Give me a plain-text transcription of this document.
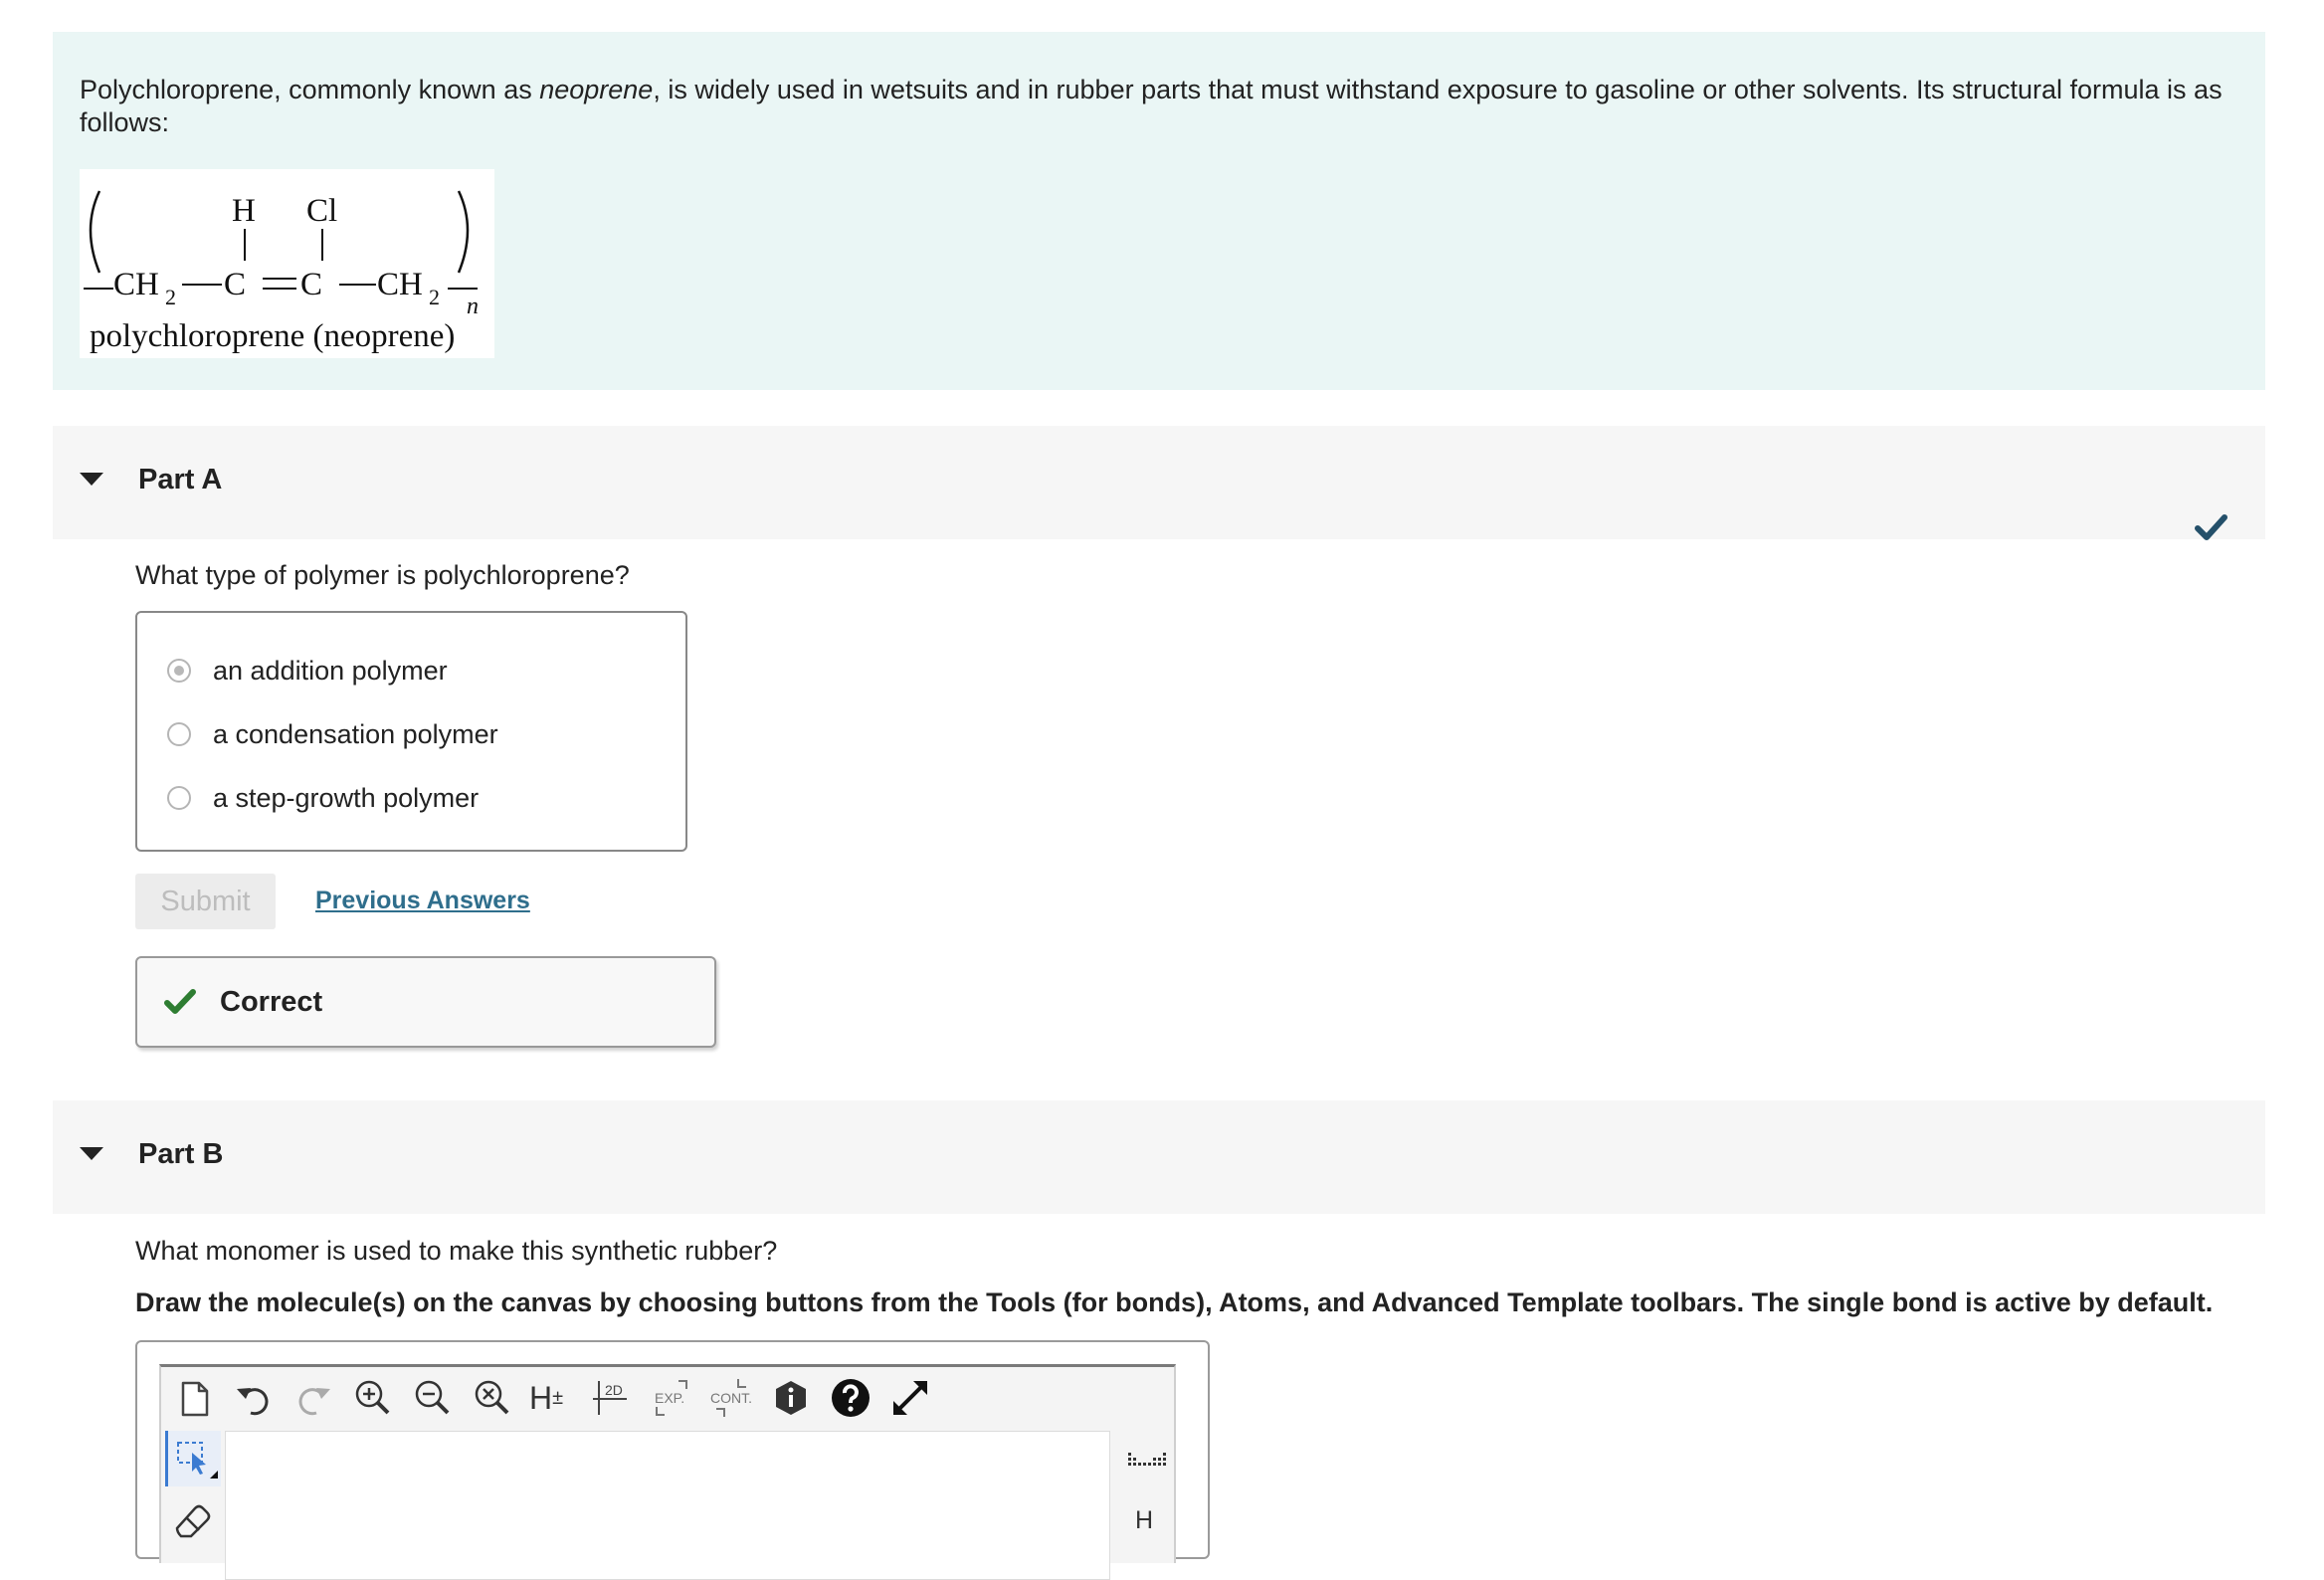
Polychloroprene, commonly known as neoprene, is widely used in wetsuits and in rubber parts that must withstand exposure to gasoline or other solvents. Its structural formula is as follows:
H Cl
CH 2 C C CH 2 n
polychloroprene (neoprene)
Part A
What type of polymer is polychloroprene?
an addition polymer
a condensation polymer
a step-growth polymer
Submit	Previous Answers
Correct
Part B
What monomer is used to make this synthetic rubber?
Draw the molecule(s) on the canvas by choosing buttons from the Tools (for bonds), Atoms, and Advanced Template toolbars. The single bond is active by default.
H±	2D EXP. CONT.
H
